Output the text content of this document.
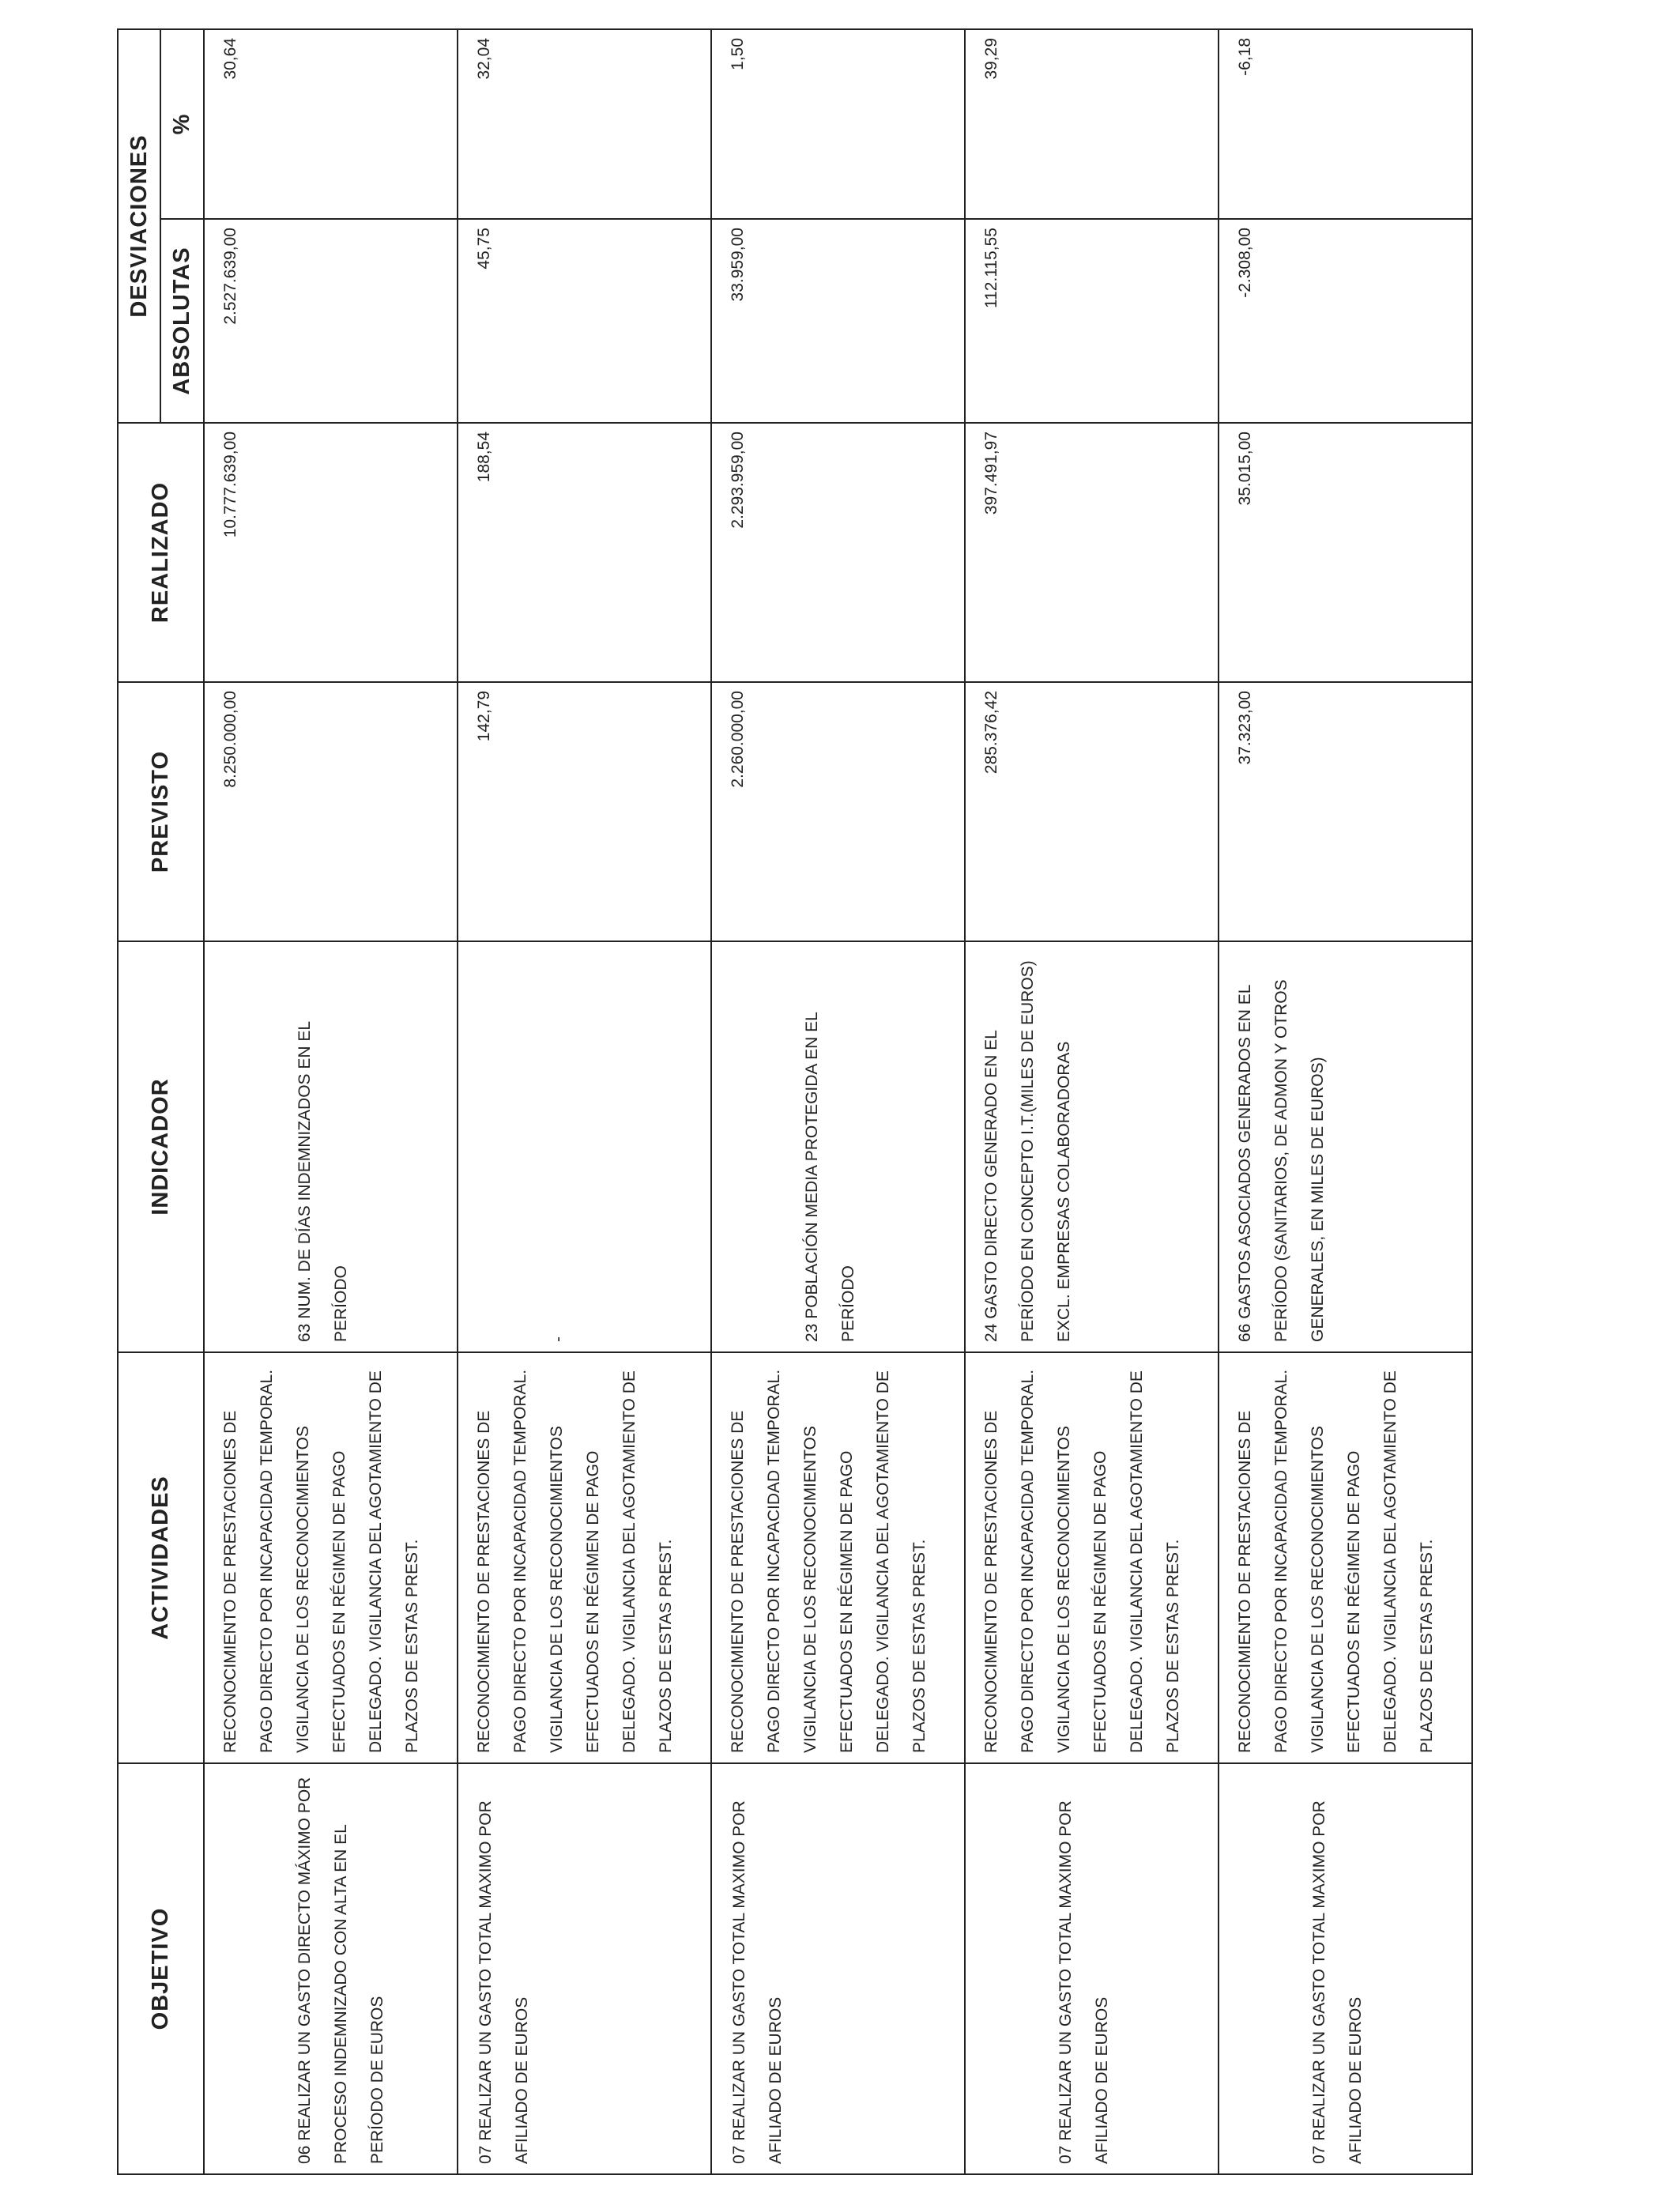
OBJETIVO	ACTIVIDADES	INDICADOR	PREVISTO	REALIZADO	DESVIACIONES	
					ABSOLUTAS	%
06 REALIZAR UN GASTO DIRECTO MÁXIMO POR PROCESO INDEMNIZADO CON ALTA EN EL PERÍODO DE EUROS	RECONOCIMIENTO DE PRESTACIONES DE PAGO DIRECTO POR INCAPACIDAD TEMPORAL. VIGILANCIA DE LOS RECONOCIMIENTOS EFECTUADOS EN RÉGIMEN DE PAGO DELEGADO. VIGILANCIA DEL AGOTAMIENTO DE PLAZOS DE ESTAS PREST.	63 NUM. DE DÍAS INDEMNIZADOS EN EL PERÍODO	8.250.000,00	10.777.639,00	2.527.639,00	30,64
07 REALIZAR UN GASTO TOTAL MAXIMO POR AFILIADO DE EUROS	RECONOCIMIENTO DE PRESTACIONES DE PAGO DIRECTO POR INCAPACIDAD TEMPORAL. VIGILANCIA DE LOS RECONOCIMIENTOS EFECTUADOS EN RÉGIMEN DE PAGO DELEGADO. VIGILANCIA DEL AGOTAMIENTO DE PLAZOS DE ESTAS PREST.	-	142,79	188,54	45,75	32,04
07 REALIZAR UN GASTO TOTAL MAXIMO POR AFILIADO DE EUROS	RECONOCIMIENTO DE PRESTACIONES DE PAGO DIRECTO POR INCAPACIDAD TEMPORAL. VIGILANCIA DE LOS RECONOCIMIENTOS EFECTUADOS EN RÉGIMEN DE PAGO DELEGADO. VIGILANCIA DEL AGOTAMIENTO DE PLAZOS DE ESTAS PREST.	23 POBLACIÓN MEDIA PROTEGIDA EN EL PERÍODO	2.260.000,00	2.293.959,00	33.959,00	1,50
07 REALIZAR UN GASTO TOTAL MAXIMO POR AFILIADO DE EUROS	RECONOCIMIENTO DE PRESTACIONES DE PAGO DIRECTO POR INCAPACIDAD TEMPORAL. VIGILANCIA DE LOS RECONOCIMIENTOS EFECTUADOS EN RÉGIMEN DE PAGO DELEGADO. VIGILANCIA DEL AGOTAMIENTO DE PLAZOS DE ESTAS PREST.	24 GASTO DIRECTO GENERADO EN EL PERÍODO EN CONCEPTO I.T.(MILES DE EUROS) EXCL. EMPRESAS COLABORADORAS	285.376,42	397.491,97	112.115,55	39,29
07 REALIZAR UN GASTO TOTAL MAXIMO POR AFILIADO DE EUROS	RECONOCIMIENTO DE PRESTACIONES DE PAGO DIRECTO POR INCAPACIDAD TEMPORAL. VIGILANCIA DE LOS RECONOCIMIENTOS EFECTUADOS EN RÉGIMEN DE PAGO DELEGADO. VIGILANCIA DEL AGOTAMIENTO DE PLAZOS DE ESTAS PREST.	66 GASTOS ASOCIADOS GENERADOS EN EL PERÍODO (SANITARIOS, DE ADMON Y OTROS GENERALES, EN MILES DE EUROS)	37.323,00	35.015,00	-2.308,00	-6,18
